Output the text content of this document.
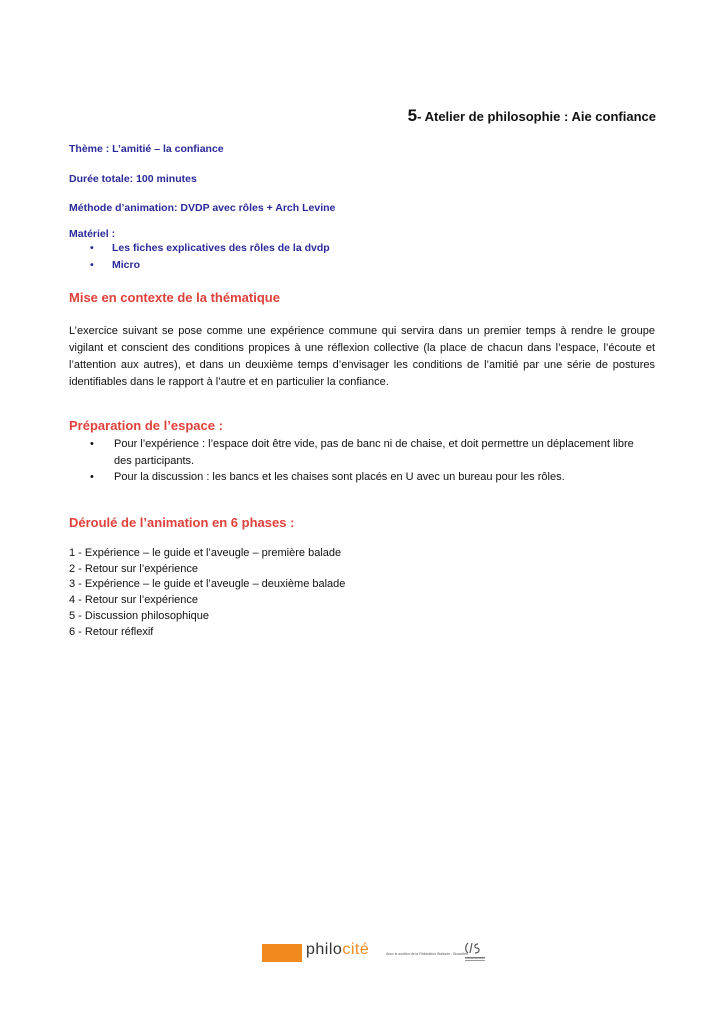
5- Atelier de philosophie : Aie confiance
Thème : L’amitié – la confiance
Durée totale: 100 minutes
Méthode d’animation: DVDP avec rôles + Arch Levine
Matériel :
• Les fiches explicatives des rôles de la dvdp
• Micro
Mise en contexte de la thématique
L’exercice suivant se pose comme une expérience commune qui servira dans un premier temps à rendre le groupe vigilant et conscient des conditions propices à une réflexion collective (la place de chacun dans l’espace, l’écoute et l’attention aux autres), et dans un deuxième temps d’envisager les conditions de l’amitié par une série de postures identifiables dans le rapport à l’autre et en particulier la confiance.
Préparation de l’espace :
• Pour l’expérience : l’espace doit être vide, pas de banc ni de chaise, et doit permettre un déplacement libre des participants.
• Pour la discussion : les bancs et les chaises sont placés en U avec un bureau pour les rôles.
Déroulé de l’animation en 6 phases :
1 - Expérience – le guide et l’aveugle – première balade
2 - Retour sur l’expérience
3 - Expérience – le guide et l’aveugle – deuxième balade
4 - Retour sur l’expérience
5 - Discussion philosophique
6 - Retour réflexif
philocité	Avec le soutien de la Fédération Wallonie - Bruxelles
